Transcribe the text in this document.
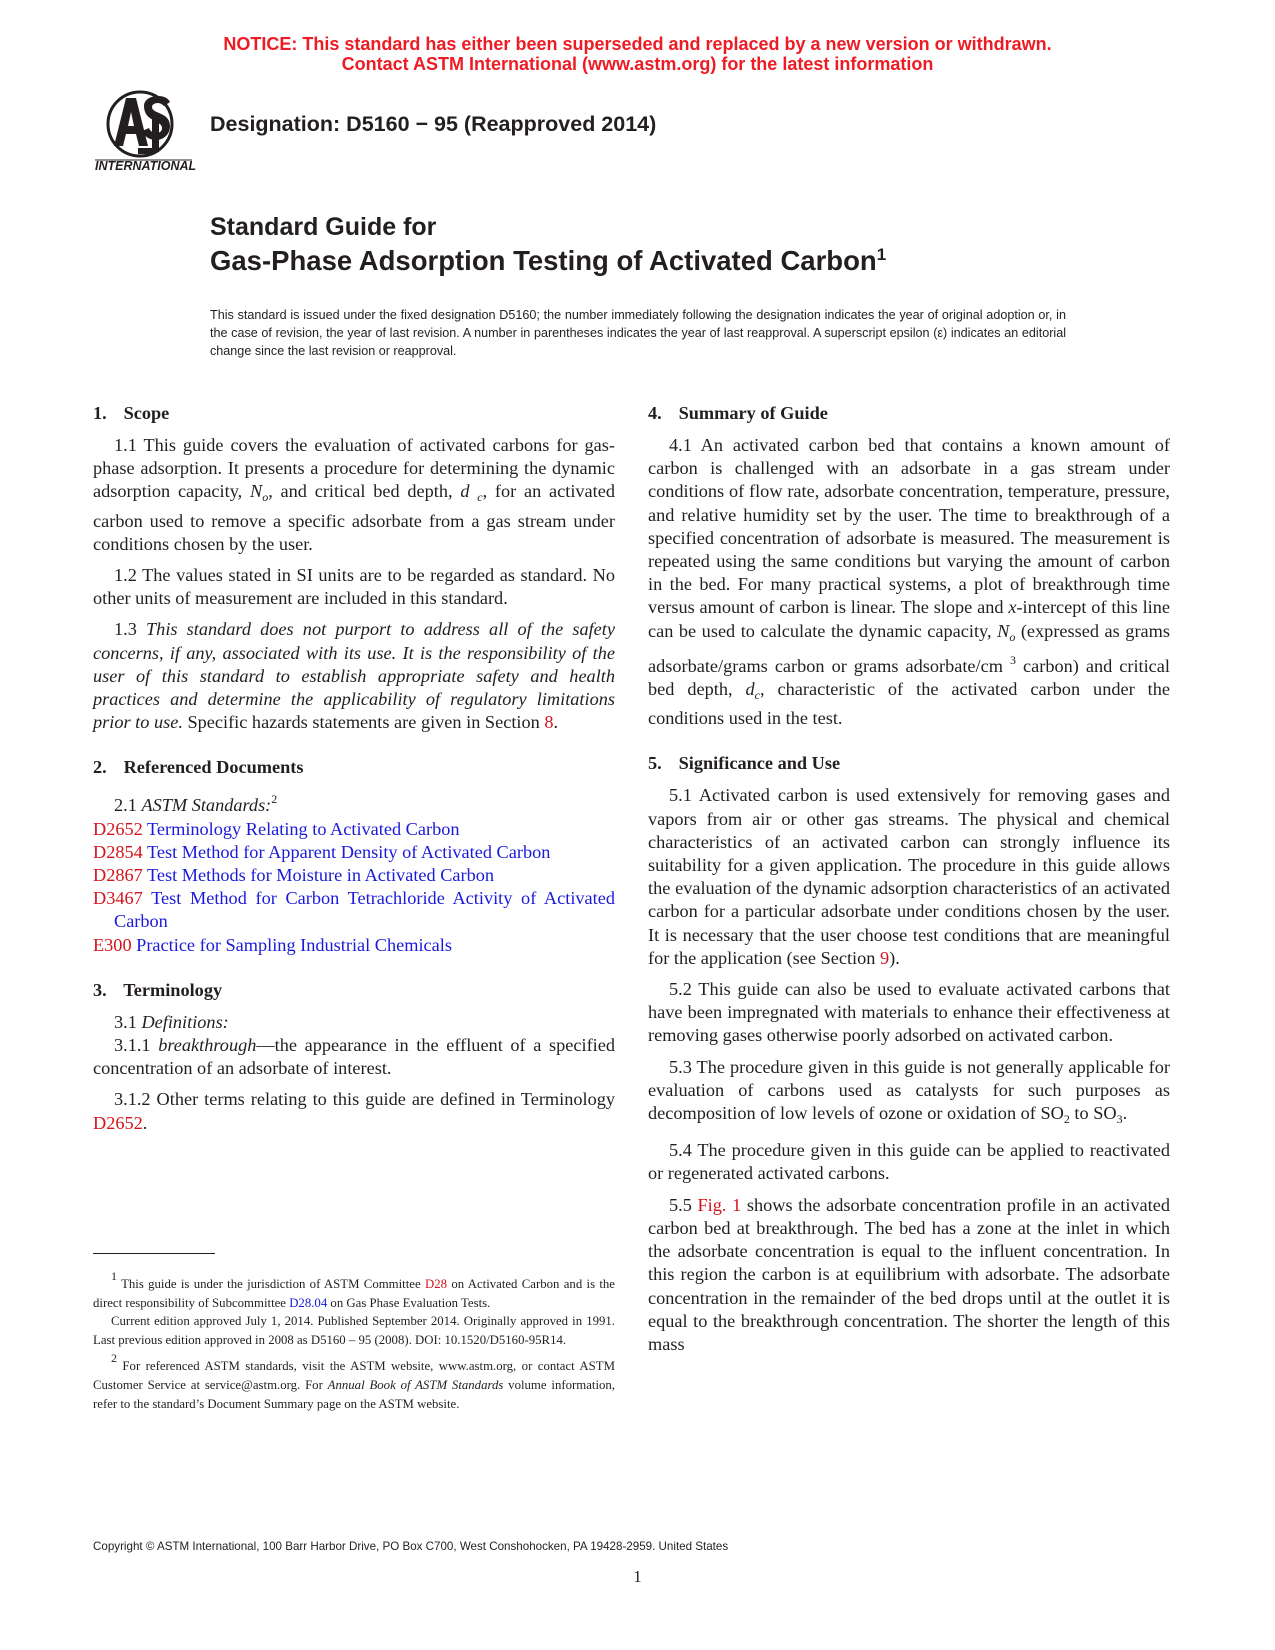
NOTICE: This standard has either been superseded and replaced by a new version or withdrawn.
Contact ASTM International (www.astm.org) for the latest information
INTERNATIONAL
Designation: D5160 − 95 (Reapproved 2014)
Standard Guide for
Gas-Phase Adsorption Testing of Activated Carbon$^1$
This standard is issued under the fixed designation D5160; the number immediately following the designation indicates the year of original adoption or, in the case of revision, the year of last revision. A number in parentheses indicates the year of last reapproval. A superscript epsilon (ε) indicates an editorial change since the last revision or reapproval.
1. Scope

1.1 This guide covers the evaluation of activated carbons for gas-phase adsorption. It presents a procedure for determining the dynamic adsorption capacity, $N_o$, and critical bed depth, d $_c$, for an activated carbon used to remove a specific adsorbate from a gas stream under conditions chosen by the user.

1.2 The values stated in SI units are to be regarded as standard. No other units of measurement are included in this standard.

1.3 This standard does not purport to address all of the safety concerns, if any, associated with its use. It is the responsibility of the user of this standard to establish appropriate safety and health practices and determine the applicability of regulatory limitations prior to use. Specific hazards statements are given in Section 8.

2. Referenced Documents

2.1 ASTM Standards:$^2$

D2652 Terminology Relating to Activated Carbon
D2854 Test Method for Apparent Density of Activated Carbon
D2867 Test Methods for Moisture in Activated Carbon
D3467 Test Method for Carbon Tetrachloride Activity of Activated Carbon
E300 Practice for Sampling Industrial Chemicals
3. Terminology

3.1 Definitions:

3.1.1 breakthrough—the appearance in the effluent of a specified concentration of an adsorbate of interest.

3.1.2 Other terms relating to this guide are defined in Terminology D2652.

4. Summary of Guide

4.1 An activated carbon bed that contains a known amount of carbon is challenged with an adsorbate in a gas stream under conditions of flow rate, adsorbate concentration, temperature, pressure, and relative humidity set by the user. The time to breakthrough of a specified concentration of adsorbate is measured. The measurement is repeated using the same conditions but varying the amount of carbon in the bed. For many practical systems, a plot of breakthrough time versus amount of carbon is linear. The slope and x-intercept of this line can be used to calculate the dynamic capacity, $N_o$ (expressed as grams adsorbate/grams carbon or grams adsorbate/cm $^3$ carbon) and critical bed depth, $d_c$, characteristic of the activated carbon under the conditions used in the test.

5. Significance and Use

5.1 Activated carbon is used extensively for removing gases and vapors from air or other gas streams. The physical and chemical characteristics of an activated carbon can strongly influence its suitability for a given application. The procedure in this guide allows the evaluation of the dynamic adsorption characteristics of an activated carbon for a particular adsorbate under conditions chosen by the user. It is necessary that the user choose test conditions that are meaningful for the application (see Section 9).

5.2 This guide can also be used to evaluate activated carbons that have been impregnated with materials to enhance their effectiveness at removing gases otherwise poorly adsorbed on activated carbon.

5.3 The procedure given in this guide is not generally applicable for evaluation of carbons used as catalysts for such purposes as decomposition of low levels of ozone or oxidation of $SO_2$ to $SO_3$.

5.4 The procedure given in this guide can be applied to reactivated or regenerated activated carbons.

5.5 Fig. 1 shows the adsorbate concentration profile in an activated carbon bed at breakthrough. The bed has a zone at the inlet in which the adsorbate concentration is equal to the influent concentration. In this region the carbon is at equilibrium with adsorbate. The adsorbate concentration in the remainder of the bed drops until at the outlet it is equal to the breakthrough concentration. The shorter the length of this mass

1 This guide is under the jurisdiction of ASTM Committee D28 on Activated Carbon and is the direct responsibility of Subcommittee D28.04 on Gas Phase Evaluation Tests.

Current edition approved July 1, 2014. Published September 2014. Originally approved in 1991. Last previous edition approved in 2008 as D5160 – 95 (2008). DOI: 10.1520/D5160-95R14.

2 For referenced ASTM standards, visit the ASTM website, www.astm.org, or contact ASTM Customer Service at service@astm.org. For Annual Book of ASTM Standards volume information, refer to the standard’s Document Summary page on the ASTM website.

Copyright © ASTM International, 100 Barr Harbor Drive, PO Box C700, West Conshohocken, PA 19428-2959. United States
1
